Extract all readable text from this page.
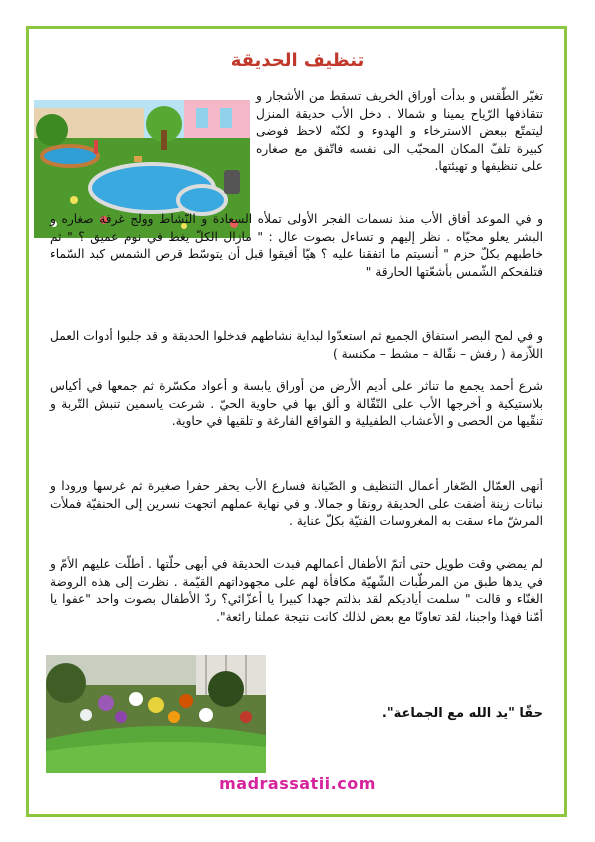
تنظيف الحديقة

تغيّر الطّقس و بدأت أوراق الخريف تسقط من الأشجار و تتقاذفها الرّياح يمينا و شمالا . دخل الأب حديقة المنزل ليتمتّع ببعض الاسترخاء و الهدوء و لكنّه لاحظ فوضى كبيرة تلفّ المكان المحبّب الى نفسه فاتّفق مع صغاره على تنظيفها و تهيئتها.

و في الموعد أفاق الأب منذ نسمات الفجر الأولى تملأه السعادة و النّشاط وولج غرفة صغاره و البشر يعلو محيّاه . نظر إليهم و تساءل بصوت عال : " مازال الكلّ يغط في نوم عميق ؟ " ثم خاطبهم بكلّ حزم " أنسيتم ما اتفقنا عليه ؟ هيّا أفيقوا قبل أن يتوسّط قرص الشمس كبد السّماء فتلفحكم الشّمس بأشعّتها الحارقة "

و في لمح البصر استفاق الجميع ثم استعدّوا لبداية نشاطهم فدخلوا الحديقة و قد جلبوا أدوات العمل اللاّزمة ( رفش – نقّالة – مشط – مكنسة )

شرع أحمد يجمع ما تناثر على أديم الأرض من أوراق يابسة و أعواد مكسّرة ثم جمعها في أكياس بلاستيكية و أخرجها الأب على النّقّالة و ألق بها في حاوية الحيّ . شرعت ياسمين تنبش التّربة و تنقّيها من الحصى و الأعشاب الطفيلية و القواقع الفارغة و تلقيها في حاوية.

أنهى العمّال الصّغار أعمال التنظيف و الصّيانة فسارع الأب يحفر حفرا صغيرة ثم غرسها ورودا و نباتات زينة أضفت على الحديقة رونقا و جمالا. و في نهاية عملهم اتجهت نسرين إلى الحنفيّة فملأت المرشّ ماء سقت به المغروسات الفتيّة بكلّ عناية .

لم يمضي وقت طويل حتى أتمّ الأطفال أعمالهم فبدت الحديقة في أبهى حلّتها . أطلّت عليهم الأمّ و في يدها طبق من المرطّبات الشّهيّة مكافأة لهم على مجهوداتهم القيّمة . نظرت إلى هذه الروضة الغنّاء و قالت " سلمت أياديكم لقد بذلتم جهدا كبيرا يا أعزّائي؟ ردّ الأطفال بصوت واحد "عفوا يا أمّنا فهذا واجبنا، لقد تعاونّا مع بعض لذلك كانت نتيجة عملنا رائعة".

حقّا "يد الله مع الجماعة".
madrassatii.com
